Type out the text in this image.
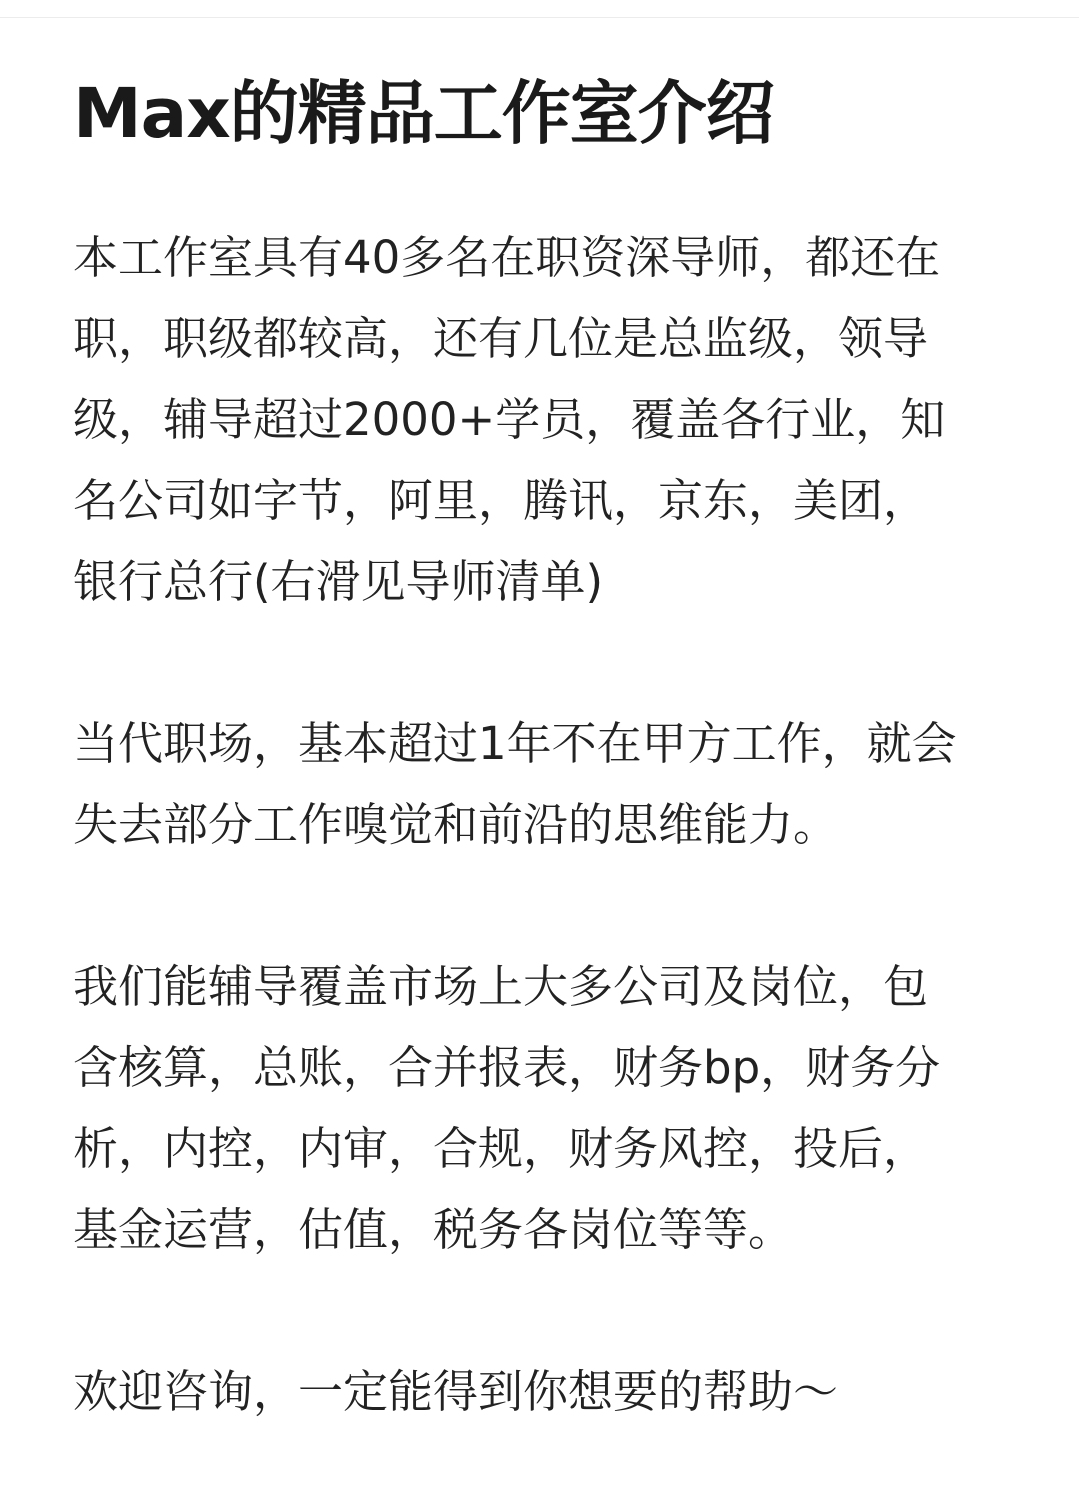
Max的精品工作室介绍

本工作室具有40多名在职资深导师，都还在
职，职级都较高，还有几位是总监级，领导
级，辅导超过2000+学员，覆盖各行业，知
名公司如字节，阿里，腾讯，京东，美团，
银行总行(右滑见导师清单)

当代职场，基本超过1年不在甲方工作，就会
失去部分工作嗅觉和前沿的思维能力。

我们能辅导覆盖市场上大多公司及岗位，包
含核算，总账，合并报表，财务bp，财务分
析，内控，内审，合规，财务风控，投后，
基金运营，估值，税务各岗位等等。

欢迎咨询，一定能得到你想要的帮助～
